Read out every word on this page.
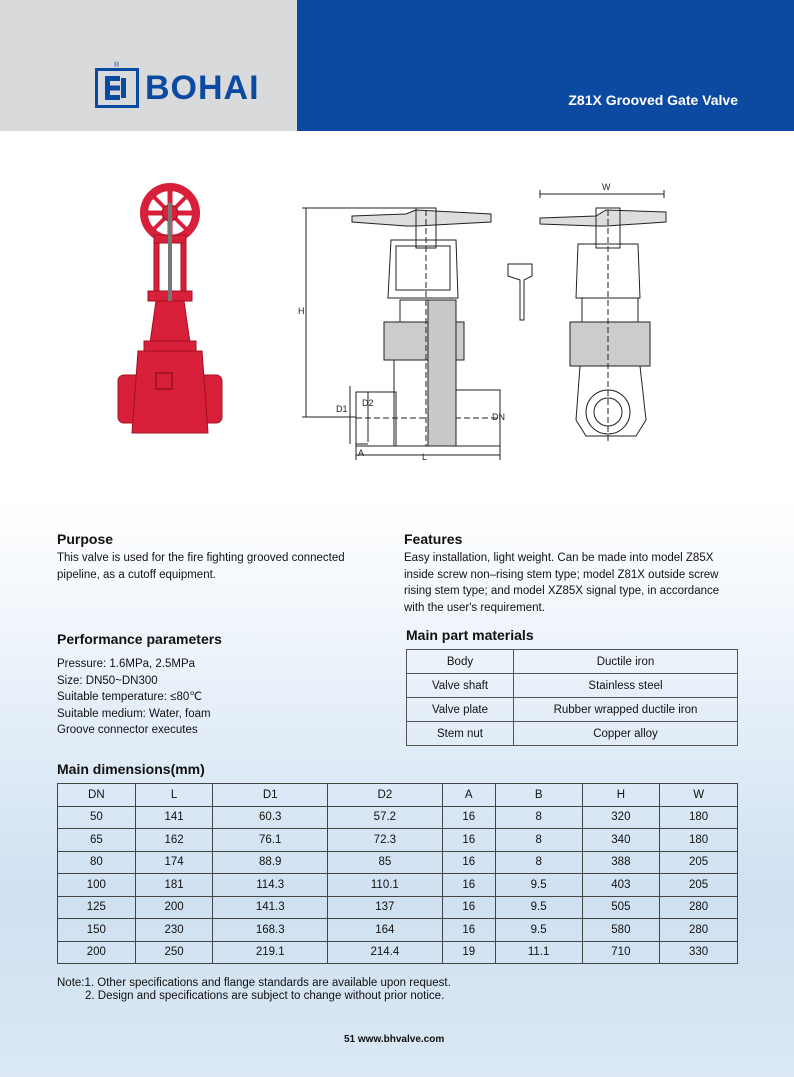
BOHAI
®
Z81X Grooved Gate Valve
W
H
D1
D2
DN
A	L
Purpose
This valve is used for the fire fighting grooved connected pipeline, as a cutoff equipment.
Features
Easy installation, light weight. Can be made into model Z85X inside screw non–rising stem type; model Z81X outside screw rising stem type; and model XZ85X signal type, in accordance with the user's requirement.
Performance parameters
Pressure: 1.6MPa, 2.5MPa
Size: DN50~DN300
Suitable temperature: ≤80℃
Suitable medium: Water, foam
Groove connector executes
Main part materials
Body	Ductile iron
Valve shaft	Stainless steel
Valve plate	Rubber wrapped ductile iron
Stem nut	Copper alloy
Main dimensions(mm)
DN	L	D1	D2	A	B	H	W
50	141	60.3	57.2	16	8	320	180
65	162	76.1	72.3	16	8	340	180
80	174	88.9	85	16	8	388	205
100	181	114.3	110.1	16	9.5	403	205
125	200	141.3	137	16	9.5	505	280
150	230	168.3	164	16	9.5	580	280
200	250	219.1	214.4	19	11.1	710	330
Note:1. Other specifications and flange standards are available upon request.
2. Design and specifications are subject to change without prior notice.
51 www.bhvalve.com
